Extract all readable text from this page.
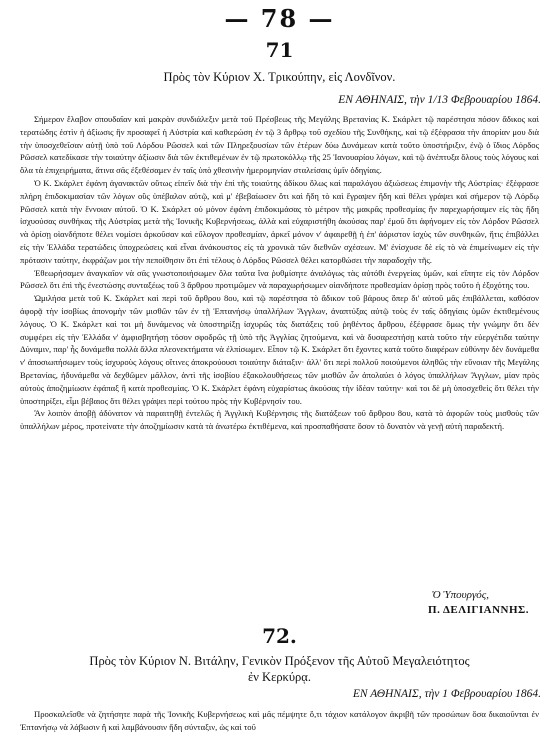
— 78 —
71
Πρὸς τὸν Κύριον Χ. Τρικούπην, εἰς Λονδῖνον.
ΕΝ ΑΘΗΝΑΙΣ, τὴν 1/13 Φεβρουαρίου 1864.

Σήμερον ἔλαβον σπουδαῖαν καὶ μακρὰν συνδιάλεξιν μετὰ τοῦ Πρέσβεως τῆς Μεγάλης Βρετανίας Κ. Σκάρλετ τῷ παρέστησα πόσον ἄδικος καὶ τερατώδης ἐστὶν ἡ ἀξίωσις ἣν προσαφεῖ ἡ Αὐστρία καὶ καθιερώση ἐν τῷ 3 ἄρθρῳ τοῦ σχεδίου τῆς Συνθήκης, καὶ τῷ ἐξέφρασα τὴν ἀπορίαν μου διὰ τὴν ὑποσχεθεῖσαν αὐτῇ ὑπὸ τοῦ Λόρδου Ρῶσσελ καὶ τῶν Πληρεξουσίων τῶν ἑτέρων δύω Δυνάμεων κατὰ τοῦτο ὑποστήριξιν, ἐνῷ ὁ ἴδιος Λόρδος Ρῶσσελ κατεδίκασε τὴν τοιαύτην ἀξίωσιν διὰ τῶν ἐκτιθεμένων ἐν τῷ πρωτοκόλλῳ τῆς 25 Ἰανουαρίου λόγων, καὶ τῷ ἀνέπτυξα ὅλους τοὺς λόγους καὶ ὅλα τὰ ἐπιχειρήματα, ἅτινα σᾶς ἐξεθέσαμεν ἐν ταῖς ὑπὸ χθεσινὴν ἡμερομηνίαν σταλείσαις ὑμῖν ὁδηγίαις.

Ὁ Κ. Σκάρλετ ἐφάνη ἀγανακτῶν οὕτως εἰπεῖν διὰ τὴν ἐπὶ τῆς τοιαύτης ἀδίκου ὅλως καὶ παραλόγου ἀξιώσεως ἐπιμονὴν τῆς Αὐστρίας· ἐξέφρασε πλήρη ἐπιδοκιμασίαν τῶν λόγων οὓς ὑπέβαλον αὐτῷ, καὶ μ' ἐβεβαίωσεν ὅτι καὶ ἤδη τὸ καὶ ἔγραψεν ἤδη καὶ θέλει γράψει καὶ σήμερον τῷ Λόρδῳ Ρῶσσελ κατὰ τὴν ἔννοιαν αὐτοῦ. Ὁ Κ. Σκάρλετ οὐ μόνον ἐφάνη ἐπιδοκιμάσας τὸ μέτρον τῆς μακρᾶς προθεσμίας ἣν παρεχωρήσαμεν εἰς τὰς ἤδη ἰσχυούσας συνθήκας τῆς Αὐστρίας μετὰ τῆς Ἰονικῆς Κυβερνήσεως, ἀλλὰ καὶ εὐχαριστήθη ἀκούσας παρ' ἐμοῦ ὅτι ἀφήνομεν εἰς τὸν Λόρδον Ρῶσσελ νὰ ὁρίσῃ οἱανδήποτε θέλει νομίσει ἀρκοῦσαν καὶ εὔλογον προθεσμίαν, ἀρκεῖ μόνον ν' ἀφαιρεθῇ ἡ ἐπ' ἀόριστον ἰσχὺς τῶν συνθηκῶν, ἥτις ἐπιβάλλει εἰς τὴν Ἑλλάδα τερατώδεις ὑποχρεώσεις καὶ εἶναι ἀνάκουστος εἰς τὰ χρονικὰ τῶν διεθνῶν σχέσεων. Μ' ἐνίσχυσε δὲ εἰς τὸ νὰ ἐπιμείνωμεν εἰς τὴν πρότασιν ταύτην, ἐκφράζων μοι τὴν πεποίθησιν ὅτι ἐπὶ τέλους ὁ Λόρδος Ρῶσσελ θέλει κατορθώσει τὴν παραδοχὴν τῆς.

Ἐθεωρήσαμεν ἀναγκαῖον νὰ σᾶς γνωστοποιήσωμεν ὅλα ταῦτα ἵνα ῥυθμίσητε ἀναλόγως τὰς αὐτόθι ἐνεργείας ὑμῶν, καὶ εἴπητε εἰς τὸν Λόρδον Ρῶσσελ ὅτι ἐπὶ τῆς ἐνεστώσης συνταξέως τοῦ 3 ἄρθρου προτιμῶμεν νὰ παραχωρήσωμεν οἱανδήποτε προθεσμίαν ὁρίσῃ πρὸς τοῦτο ἡ ἐξοχότης του.

Ὡμιλήσα μετὰ τοῦ Κ. Σκάρλετ καὶ περὶ τοῦ ἄρθρου 8ου, καὶ τῷ παρέστησα τὸ ἄδικον τοῦ βάρους ὅπερ δι' αὐτοῦ μᾶς ἐπιβάλλεται, καθόσον ἀφορᾷ τὴν ἰσοβίως ἀπονομὴν τῶν μισθῶν τῶν ἐν τῇ Ἑπτανήσῳ ὑπαλλήλων Ἄγγλων, ἀναπτύξας αὐτῷ τοὺς ἐν ταῖς ὁδηγίαις ὑμῶν ἐκτιθεμένους λόγους. Ὁ Κ. Σκάρλετ καὶ τοι μὴ δυνάμενος νὰ ὑποστηρίξῃ ἰσχυρῶς τὰς διατάξεις τοῦ ῥηθέντος ἄρθρου, ἐξέφρασε ὅμως τὴν γνώμην ὅτι δὲν συμφέρει εἰς τὴν Ἑλλάδα ν' ἀμφισβητήσῃ τόσον σφοδρῶς τῇ ὑπὸ τῆς Ἀγγλίας ζητούμενα, καὶ νὰ δυσαρεστήσῃ κατὰ τοῦτο τὴν εὐεργέτιδα ταύτην Δύναμιν, παρ' ἧς δυνάμεθα πολλὰ ἄλλα πλεονεκτήματα νὰ ἐλπίσωμεν. Εἶπον τῷ Κ. Σκάρλετ ὅτι ἔχοντες κατὰ τοῦτο διαφέρων εὐθύνην δὲν δυνάμεθα ν' ἀποσιωπήσωμεν τοὺς ἰσχυροὺς λόγους οἵτινες ἀποκρούουσι τοιαύτην διάταξιν· ἀλλ' ὅτι περὶ πολλοῦ ποιούμενοι ἀληθῶς τὴν εὔνοιαν τῆς Μεγάλης Βρετανίας, ἠδυνάμεθα νὰ δεχθῶμεν μᾶλλον, ἀντὶ τῆς ἰσοβίου ἐξακολουθήσεως τῶν μισθῶν ὧν ἀπολαύει ὁ λόγος ὑπαλλήλων Ἄγγλων, μίαν πρὸς αὐτοὺς ἀποζημίωσιν ἐφάπαξ ἢ κατὰ προθεσμίας. Ὁ Κ. Σκάρλετ ἐφάνη εὐχαρίστως ἀκούσας τὴν ἰδέαν ταύτην· καὶ τοι δὲ μὴ ὑποσχεθεὶς ὅτι θέλει τὴν ὑποστηρίξει, εἶμι βέβαιος ὅτι θέλει γράψει περὶ τούτου πρὸς τὴν Κυβέρνησίν του.

Ἂν λοιπὸν ἀποβῇ ἀδύνατον νὰ παραιτηθῇ ἐντελῶς ἡ Ἀγγλικὴ Κυβέρνησις τῆς διατάξεων τοῦ ἄρθρου 8ου, κατὰ τὸ ἀφορῶν τοὺς μισθοὺς τῶν ὑπαλλήλων μέρος, προτείνατε τὴν ἀποζημίωσιν κατὰ τὰ ἀνωτέρω ἐκτιθέμενα, καὶ προσπαθήσατε ὅσον τὸ δυνατὸν νὰ γενῇ αὐτὴ παραδεκτή.

Ὁ Ὑπουργός,
Π. ΔΕΛΙΓΙΑΝΝΗΣ.
72.
Πρὸς τὸν Κύριον Ν. Βιτάλην, Γενικὸν Πρόξενον τῆς Αὐτοῦ Μεγαλειότητος
ἐν Κερκύρᾳ.
ΕΝ ΑΘΗΝΑΙΣ, τὴν 1 Φεβρουαρίου 1864.

Προσκαλεῖσθε νὰ ζητήσητε παρὰ τῆς Ἰονικῆς Κυβερνήσεως καὶ μᾶς πέμψητε ὅ,τι τάχιον κατάλογον ἀκριβῆ τῶν προσώπων ὅσα δικαιοῦνται ἐν Ἑπτανήσῳ νὰ λάβωσιν ἢ καὶ λαμβάνουσιν ἤδη σύνταξιν, ὡς καὶ τοῦ
